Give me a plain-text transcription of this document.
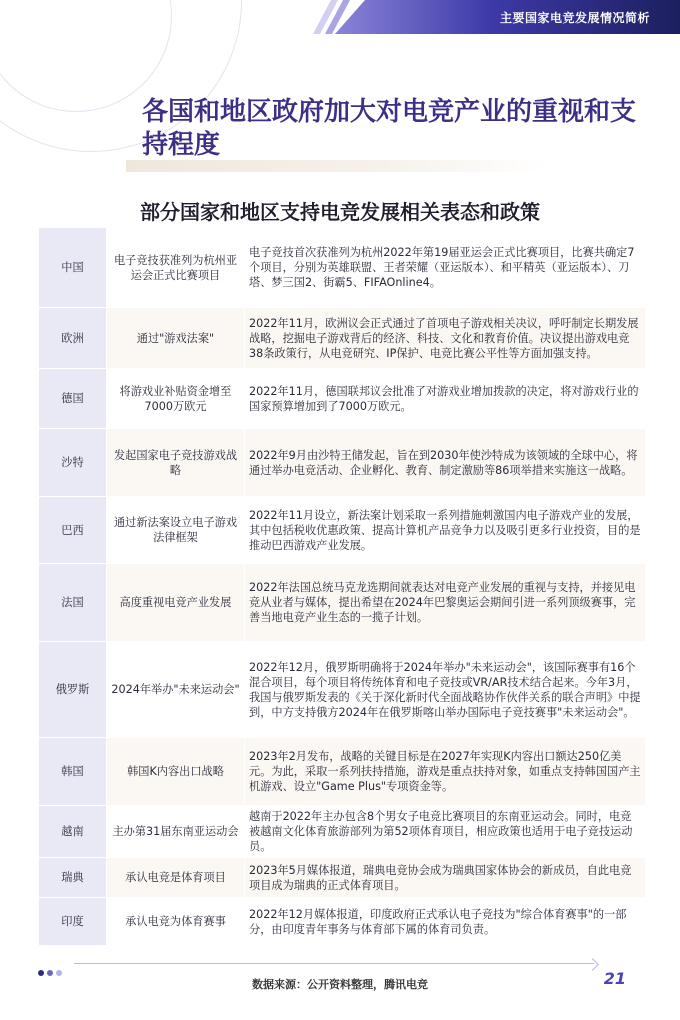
主要国家电竞发展情况简析
各国和地区政府加大对电竞产业的重视和支持程度
部分国家和地区支持电竞发展相关表态和政策
中国	电子竞技获准列为杭州亚运会正式比赛项目	电子竞技首次获准列为杭州2022年第19届亚运会正式比赛项目，比赛共确定7个项目，分别为英雄联盟、王者荣耀（亚运版本）、和平精英（亚运版本）、刀塔、梦三国2、街霸5、FIFAOnline4。
欧洲	通过"游戏法案"	2022年11月，欧洲议会正式通过了首项电子游戏相关决议，呼吁制定长期发展战略，挖掘电子游戏背后的经济、科技、文化和教育价值。决议提出游戏电竞38条政策行，从电竞研究、IP保护、电竞比赛公平性等方面加强支持。
德国	将游戏业补贴资金增至7000万欧元	2022年11月，德国联邦议会批准了对游戏业增加拨款的决定，将对游戏行业的国家预算增加到了7000万欧元。
沙特	发起国家电子竞技游戏战略	2022年9月由沙特王储发起，旨在到2030年使沙特成为该领域的全球中心，将通过举办电竞活动、企业孵化、教育、制定激励等86项举措来实施这一战略。
巴西	通过新法案设立电子游戏法律框架	2022年11月设立，新法案计划采取一系列措施刺激国内电子游戏产业的发展，其中包括税收优惠政策、提高计算机产品竞争力以及吸引更多行业投资，目的是推动巴西游戏产业发展。
法国	高度重视电竞产业发展	2022年法国总统马克龙选期间就表达对电竞产业发展的重视与支持，并接见电竞从业者与媒体，提出希望在2024年巴黎奥运会期间引进一系列顶级赛事，完善当地电竞产业生态的一揽子计划。
俄罗斯	2024年举办"未来运动会"	2022年12月，俄罗斯明确将于2024年举办"未来运动会"，该国际赛事有16个混合项目，每个项目将传统体育和电子竞技或VR/AR技术结合起来。今年3月，我国与俄罗斯发表的《关于深化新时代全面战略协作伙伴关系的联合声明》中提到，中方支持俄方2024年在俄罗斯喀山举办国际电子竞技赛事"未来运动会"。
韩国	韩国K内容出口战略	2023年2月发布，战略的关键目标是在2027年实现K内容出口额达250亿美元。为此，采取一系列扶持措施，游戏是重点扶持对象，如重点支持韩国国产主机游戏、设立"Game Plus"专项资金等。
越南	主办第31届东南亚运动会	越南于2022年主办包含8个男女子电竞比赛项目的东南亚运动会。同时，电竞被越南文化体育旅游部列为第52项体育项目，相应政策也适用于电子竞技运动员。
瑞典	承认电竞是体育项目	2023年5月媒体报道，瑞典电竞协会成为瑞典国家体协会的新成员，自此电竞项目成为瑞典的正式体育项目。
印度	承认电竞为体育赛事	2022年12月媒体报道，印度政府正式承认电子竞技为"综合体育赛事"的一部分，由印度青年事务与体育部下属的体育司负责。
数据来源：公开资料整理，腾讯电竞	21
